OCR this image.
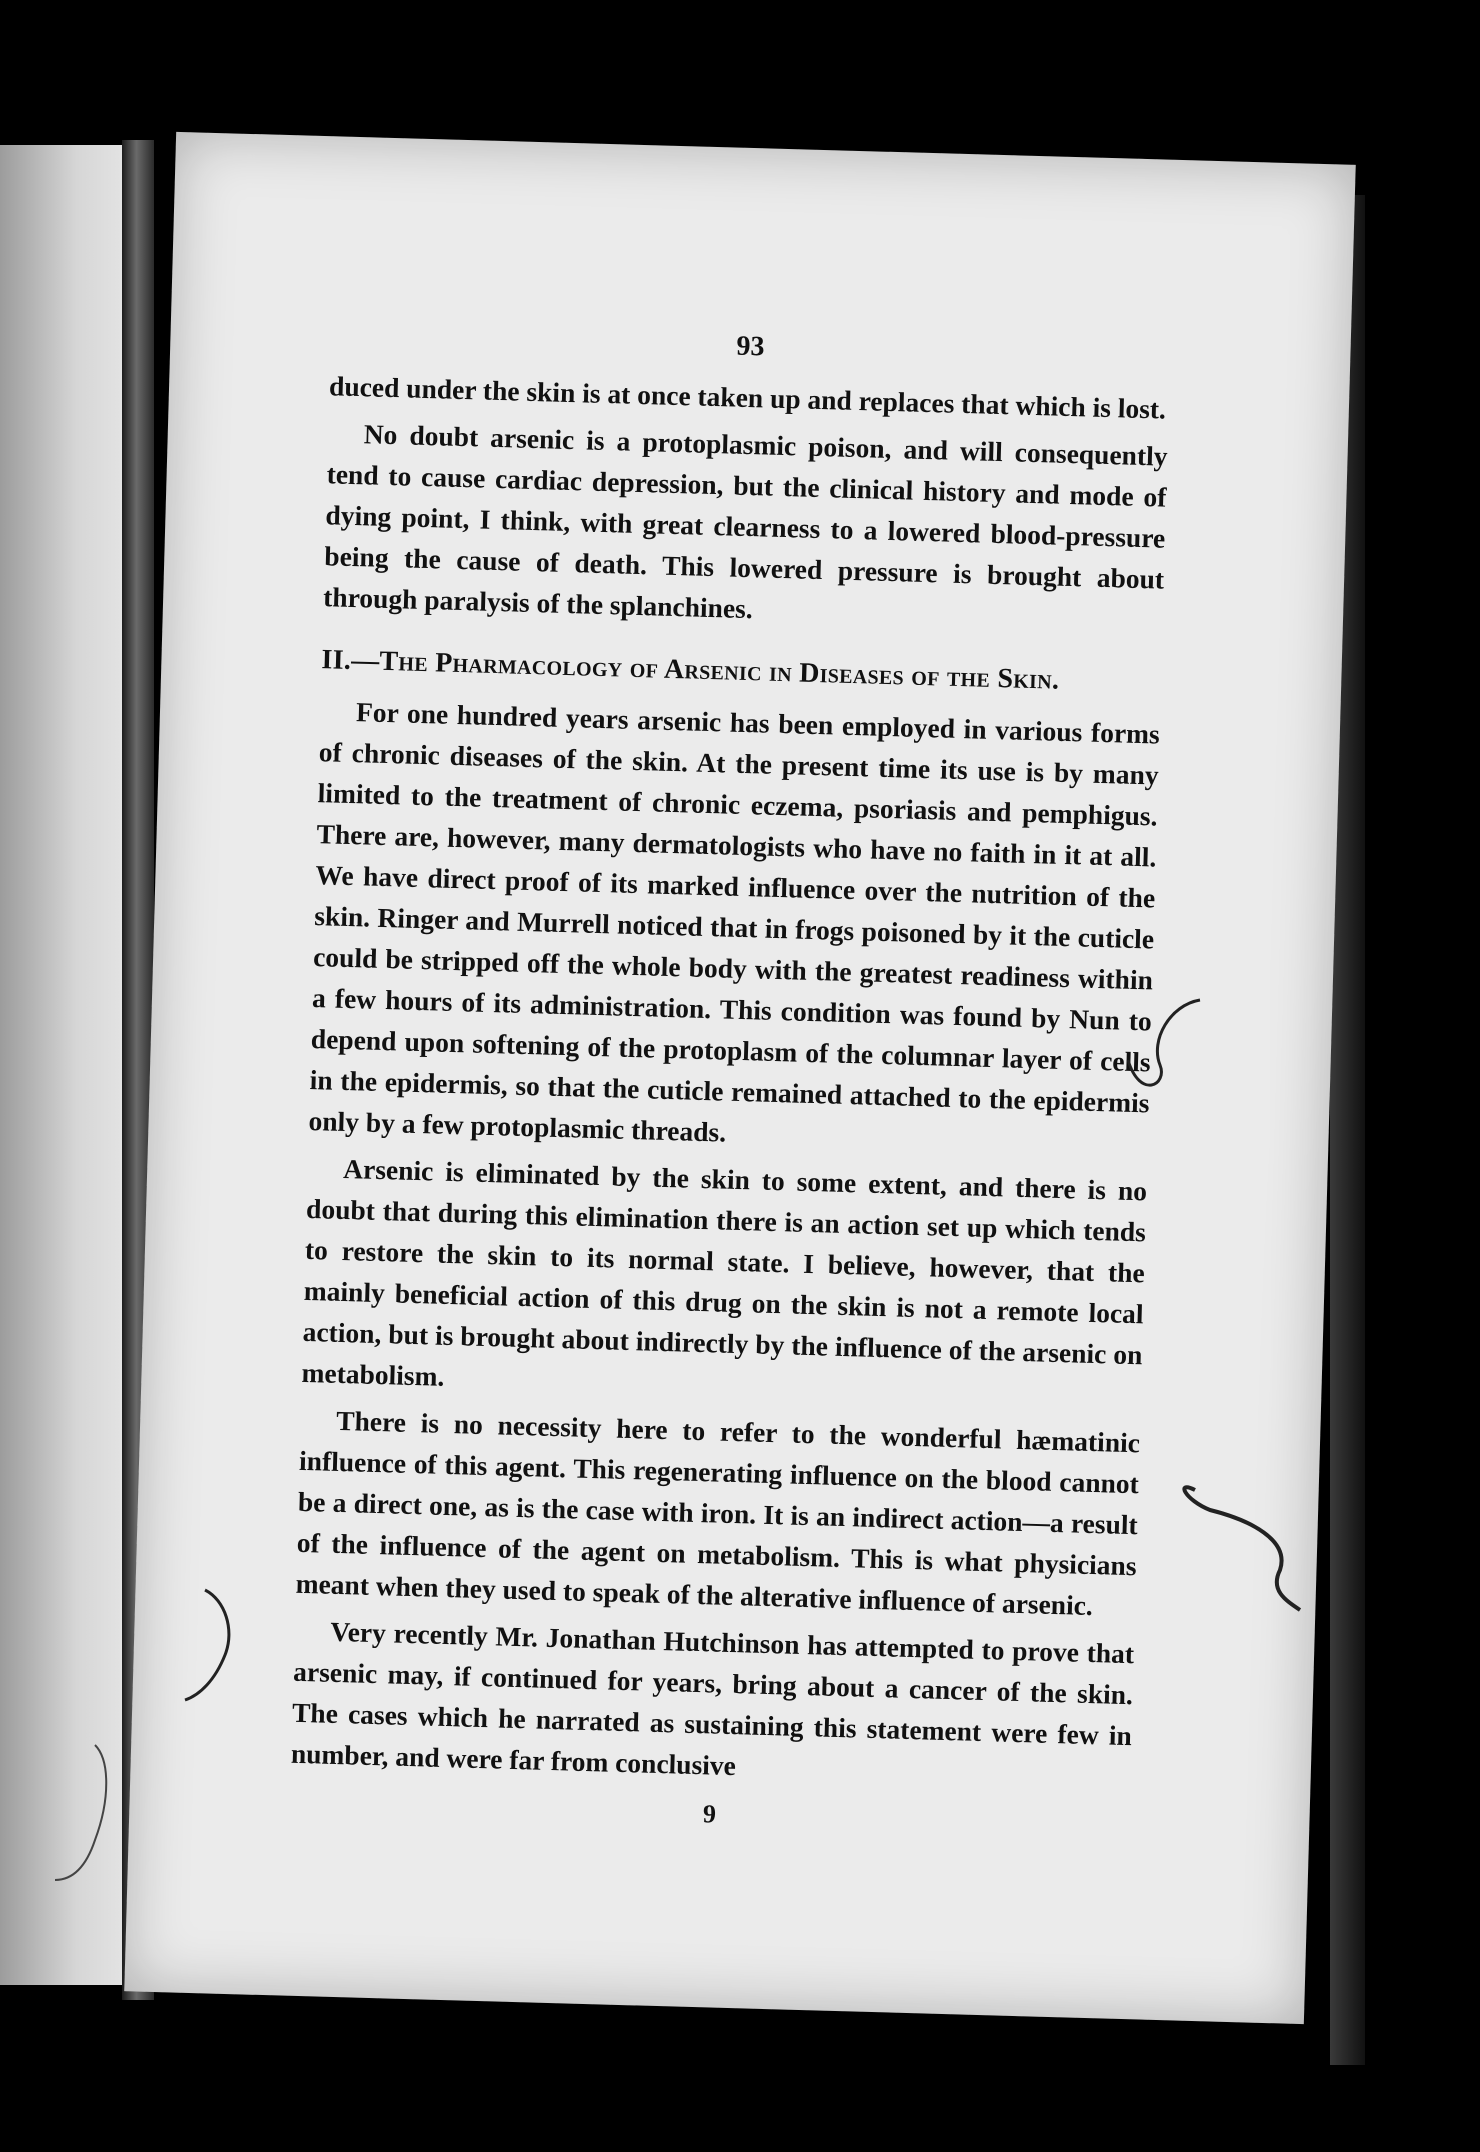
93

duced under the skin is at once taken up and replaces that which is lost.

No doubt arsenic is a protoplasmic poison, and will consequently tend to cause cardiac depression, but the clinical history and mode of dying point, I think, with great clearness to a lowered blood-pressure being the cause of death. This lowered pressure is brought about through paralysis of the splanchines.

II.—The Pharmacology of Arsenic in Diseases of the Skin.

For one hundred years arsenic has been employed in various forms of chronic diseases of the skin. At the present time its use is by many limited to the treatment of chronic eczema, psoriasis and pemphigus. There are, however, many dermatologists who have no faith in it at all. We have direct proof of its marked influence over the nutrition of the skin. Ringer and Murrell noticed that in frogs poisoned by it the cuticle could be stripped off the whole body with the greatest readiness within a few hours of its administration. This condition was found by Nun to depend upon softening of the protoplasm of the columnar layer of cells in the epidermis, so that the cuticle remained attached to the epidermis only by a few protoplasmic threads.

Arsenic is eliminated by the skin to some extent, and there is no doubt that during this elimination there is an action set up which tends to restore the skin to its normal state. I believe, however, that the mainly beneficial action of this drug on the skin is not a remote local action, but is brought about indirectly by the influence of the arsenic on metabolism.

There is no necessity here to refer to the wonderful hæmatinic influence of this agent. This regenerating influence on the blood cannot be a direct one, as is the case with iron. It is an indirect action—a result of the influence of the agent on metabolism. This is what physicians meant when they used to speak of the alterative influence of arsenic.

Very recently Mr. Jonathan Hutchinson has attempted to prove that arsenic may, if continued for years, bring about a cancer of the skin. The cases which he narrated as sustaining this statement were few in number, and were far from conclusive

9
